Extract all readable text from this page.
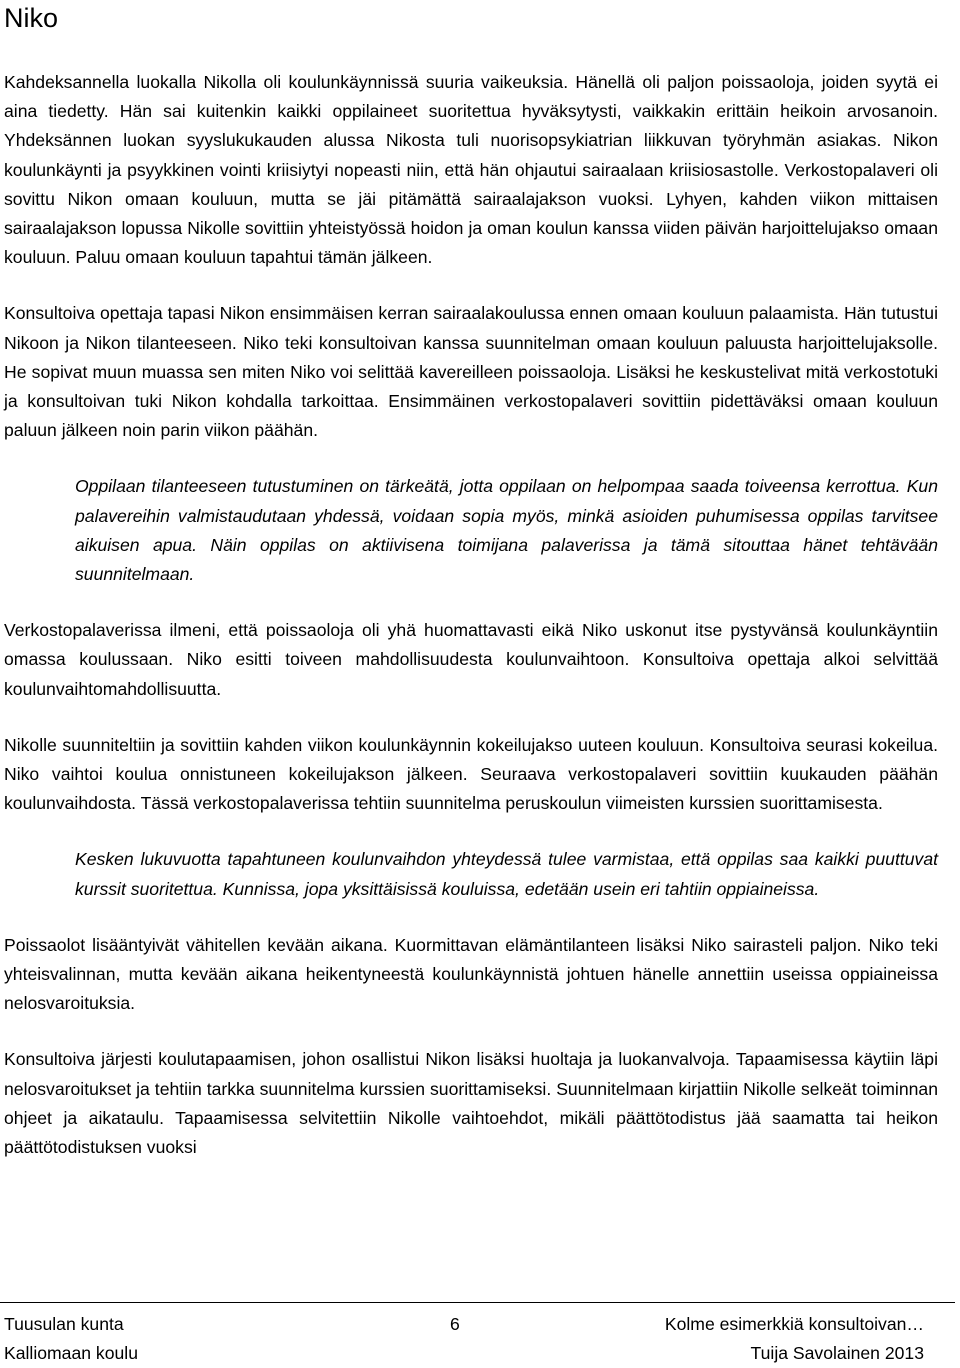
Niko

Kahdeksannella luokalla Nikolla oli koulunkäynnissä suuria vaikeuksia. Hänellä oli paljon poissaoloja, joiden syytä ei aina tiedetty. Hän sai kuitenkin kaikki oppilaineet suoritettua hyväksytysti, vaikkakin erittäin heikoin arvosanoin. Yhdeksännen luokan syyslukukauden alussa Nikosta tuli nuorisopsykiatrian liikkuvan työryhmän asiakas. Nikon koulunkäynti ja psyykkinen vointi kriisiytyi nopeasti niin, että hän ohjautui sairaalaan kriisiosastolle. Verkostopalaveri oli sovittu Nikon omaan kouluun, mutta se jäi pitämättä sairaalajakson vuoksi. Lyhyen, kahden viikon mittaisen sairaalajakson lopussa Nikolle sovittiin yhteistyössä hoidon ja oman koulun kanssa viiden päivän harjoittelujakso omaan kouluun. Paluu omaan kouluun tapahtui tämän jälkeen.

Konsultoiva opettaja tapasi Nikon ensimmäisen kerran sairaalakoulussa ennen omaan kouluun palaamista. Hän tutustui Nikoon ja Nikon tilanteeseen. Niko teki konsultoivan kanssa suunnitelman omaan kouluun paluusta harjoittelujaksolle. He sopivat muun muassa sen miten Niko voi selittää kavereilleen poissaoloja. Lisäksi he keskustelivat mitä verkostotuki ja konsultoivan tuki Nikon kohdalla tarkoittaa. Ensimmäinen verkostopalaveri sovittiin pidettäväksi omaan kouluun paluun jälkeen noin parin viikon päähän.

Oppilaan tilanteeseen tutustuminen on tärkeätä, jotta oppilaan on helpompaa saada toiveensa kerrottua. Kun palavereihin valmistaudutaan yhdessä, voidaan sopia myös, minkä asioiden puhumisessa oppilas tarvitsee aikuisen apua. Näin oppilas on aktiivisena toimijana palaverissa ja tämä sitouttaa hänet tehtävään suunnitelmaan.

Verkostopalaverissa ilmeni, että poissaoloja oli yhä huomattavasti eikä Niko uskonut itse pystyvänsä koulunkäyntiin omassa koulussaan. Niko esitti toiveen mahdollisuudesta koulunvaihtoon. Konsultoiva opettaja alkoi selvittää koulunvaihtomahdollisuutta.

Nikolle suunniteltiin ja sovittiin kahden viikon koulunkäynnin kokeilujakso uuteen kouluun. Konsultoiva seurasi kokeilua. Niko vaihtoi koulua onnistuneen kokeilujakson jälkeen. Seuraava verkostopalaveri sovittiin kuukauden päähän koulunvaihdosta. Tässä verkostopalaverissa tehtiin suunnitelma peruskoulun viimeisten kurssien suorittamisesta.

Kesken lukuvuotta tapahtuneen koulunvaihdon yhteydessä tulee varmistaa, että oppilas saa kaikki puuttuvat kurssit suoritettua. Kunnissa, jopa yksittäisissä kouluissa, edetään usein eri tahtiin oppiaineissa.

Poissaolot lisääntyivät vähitellen kevään aikana. Kuormittavan elämäntilanteen lisäksi Niko sairasteli paljon. Niko teki yhteisvalinnan, mutta kevään aikana heikentyneestä koulunkäynnistä johtuen hänelle annettiin useissa oppiaineissa nelosvaroituksia.

Konsultoiva järjesti koulutapaamisen, johon osallistui Nikon lisäksi huoltaja ja luokanvalvoja. Tapaamisessa käytiin läpi nelosvaroitukset ja tehtiin tarkka suunnitelma kurssien suorittamiseksi. Suunnitelmaan kirjattiin Nikolle selkeät toiminnan ohjeet ja aikataulu. Tapaamisessa selvitettiin Nikolle vaihtoehdot, mikäli päättötodistus jää saamatta tai heikon päättötodistuksen vuoksi

Tuusulan kunta	6	Kolme esimerkkiä konsultoivan…
Kalliomaan koulu	Tuija Savolainen 2013
